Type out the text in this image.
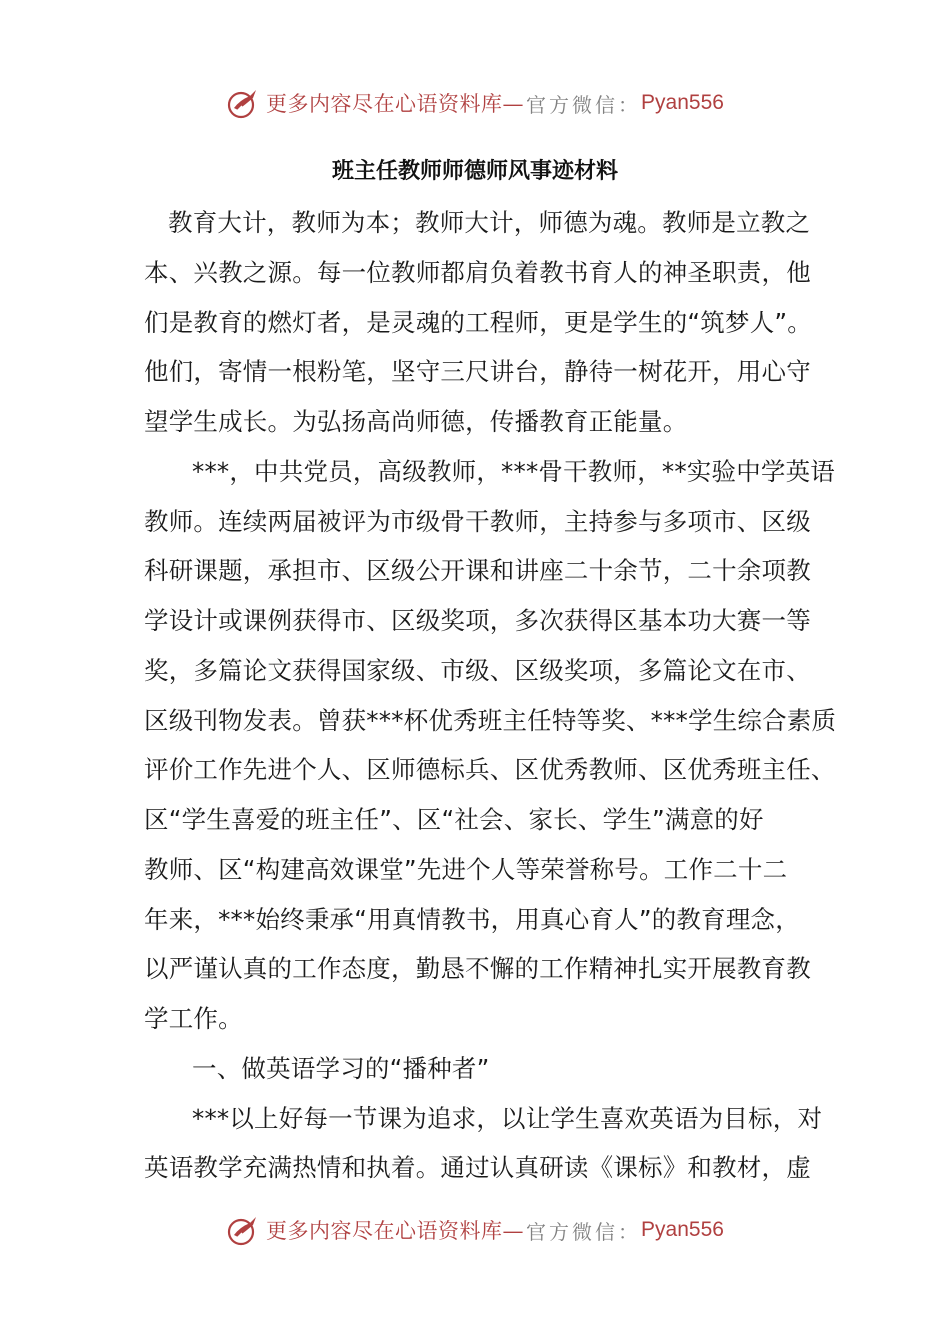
更多内容尽在心语资料库— 官方微信： Pyan556
班主任教师师德师风事迹材料
教育大计，教师为本；教师大计，师德为魂。教师是立教之
本、兴教之源。每一位教师都肩负着教书育人的神圣职责，他
们是教育的燃灯者，是灵魂的工程师，更是学生的“筑梦人”。
他们，寄情一根粉笔，坚守三尺讲台，静待一树花开，用心守
望学生成长。为弘扬高尚师德，传播教育正能量。
***，中共党员，高级教师，***骨干教师，**实验中学英语
教师。连续两届被评为市级骨干教师，主持参与多项市、区级
科研课题，承担市、区级公开课和讲座二十余节，二十余项教
学设计或课例获得市、区级奖项，多次获得区基本功大赛一等
奖，多篇论文获得国家级、市级、区级奖项，多篇论文在市、
区级刊物发表。曾获***杯优秀班主任特等奖、***学生综合素质
评价工作先进个人、区师德标兵、区优秀教师、区优秀班主任、
区“学生喜爱的班主任”、区“社会、家长、学生”满意的好
教师、区“构建高效课堂”先进个人等荣誉称号。工作二十二
年来，***始终秉承“用真情教书，用真心育人”的教育理念，
以严谨认真的工作态度，勤恳不懈的工作精神扎实开展教育教
学工作。
一、做英语学习的“播种者”
***以上好每一节课为追求，以让学生喜欢英语为目标，对
英语教学充满热情和执着。通过认真研读《课标》和教材，虚
更多内容尽在心语资料库— 官方微信： Pyan556
